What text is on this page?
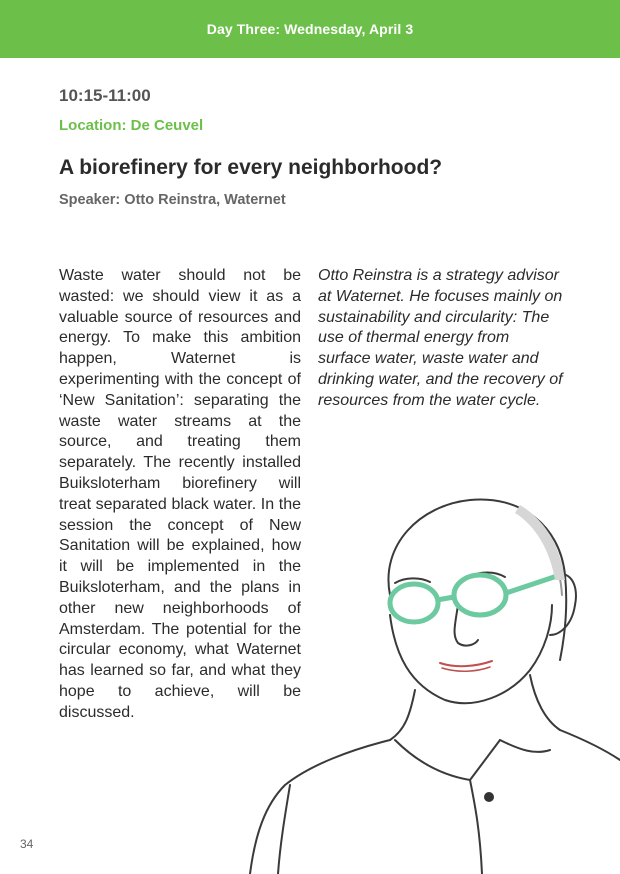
Day Three: Wednesday, April 3
10:15-11:00
Location: De Ceuvel
A biorefinery for every neighborhood?
Speaker: Otto Reinstra, Waternet
Waste water should not be wasted: we should view it as a valuable source of resources and energy. To make this ambition happen, Waternet is experimenting with the concept of ‘New Sanitation’: separating the waste water streams at the source, and treating them separately. The recently installed Buiksloterham biorefinery will treat separated black water. In the session the concept of New Sanitation will be explained, how it will be implemented in the Buiksloterham, and the plans in other new neighborhoods of Amsterdam. The potential for the circular economy, what Waternet has learned so far, and what they hope to achieve, will be discussed.
Otto Reinstra is a strategy advisor at Waternet. He focuses mainly on sustainability and circularity: The use of thermal energy from surface water, waste water and drinking water, and the recovery of resources from the water cycle.
34
